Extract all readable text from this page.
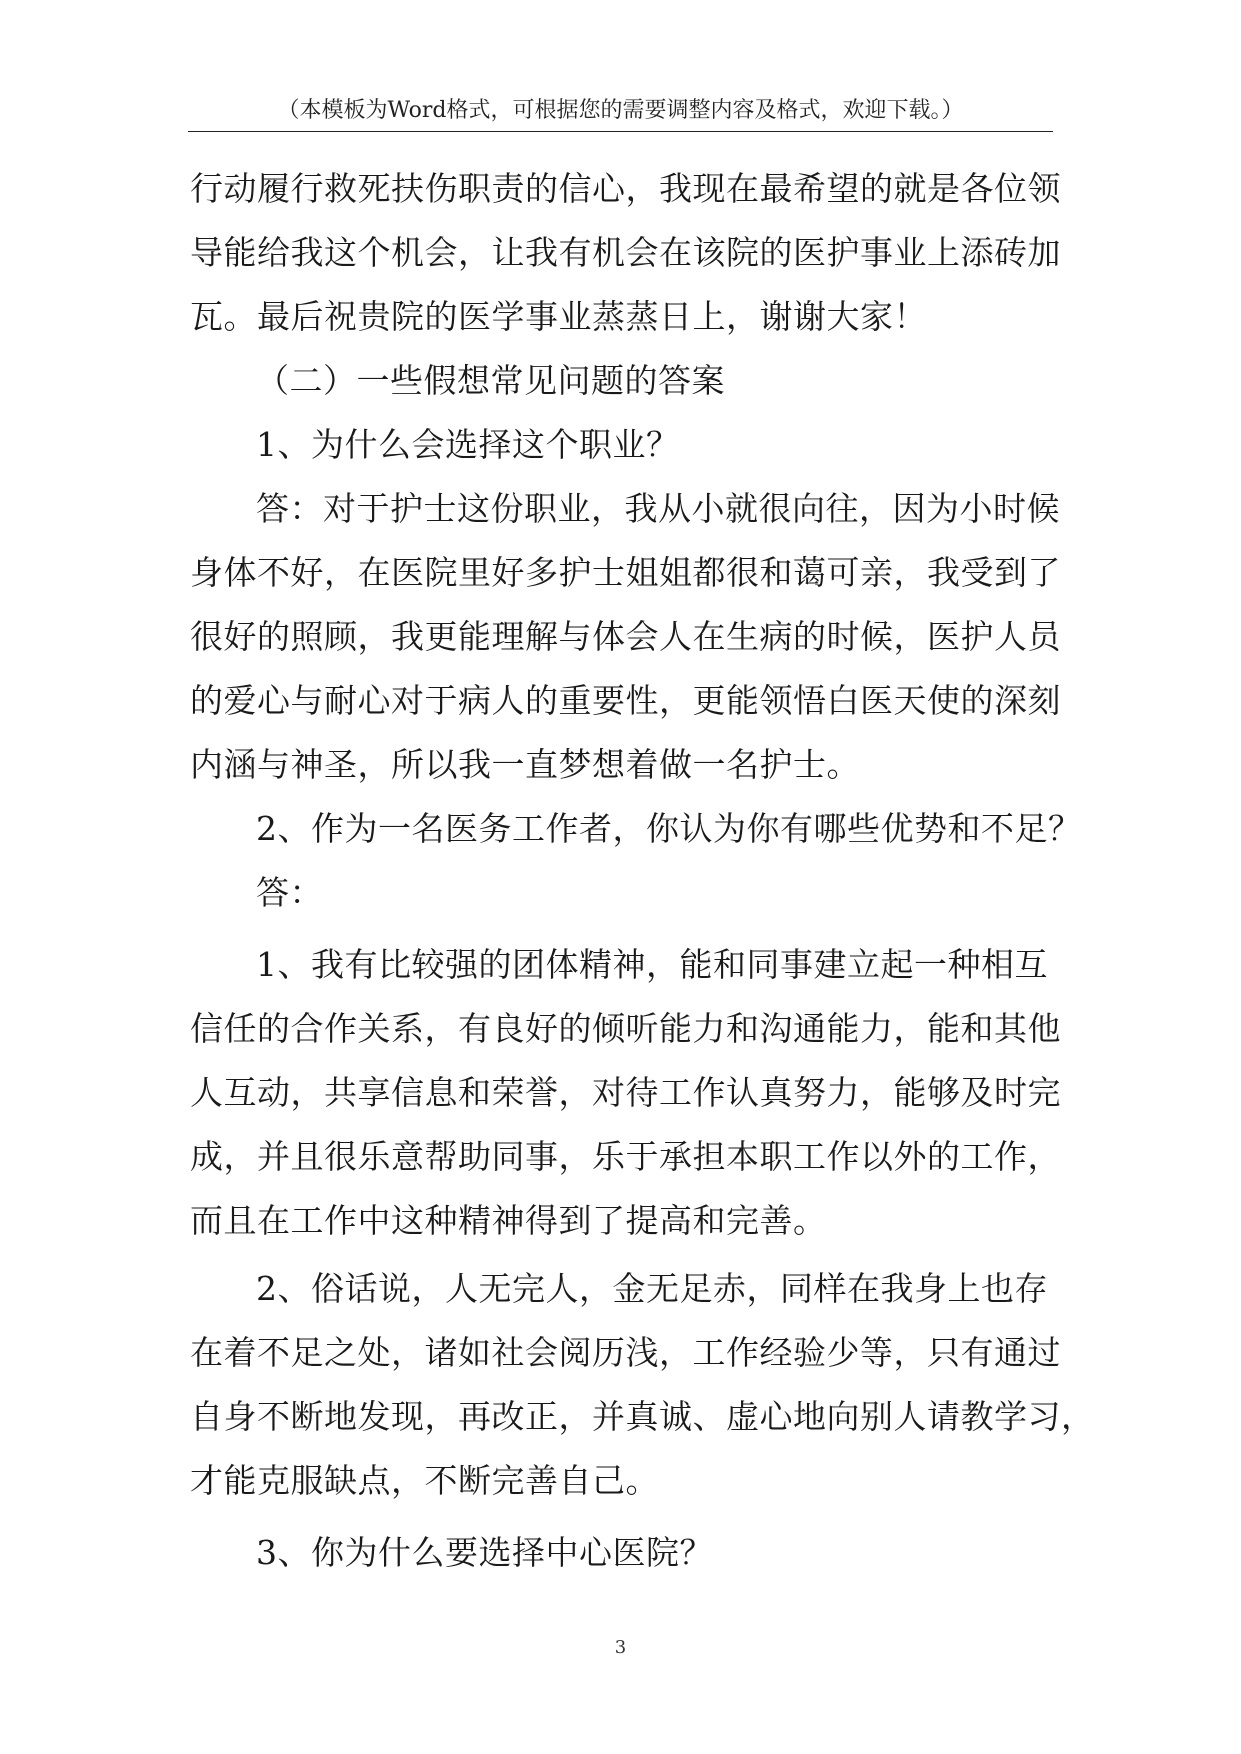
（本模板为Word格式，可根据您的需要调整内容及格式，欢迎下载。）
行动履行救死扶伤职责的信心，我现在最希望的就是各位领
导能给我这个机会，让我有机会在该院的医护事业上添砖加
瓦。最后祝贵院的医学事业蒸蒸日上，谢谢大家！
（二）一些假想常见问题的答案
1、为什么会选择这个职业？
答：对于护士这份职业，我从小就很向往，因为小时候
身体不好，在医院里好多护士姐姐都很和蔼可亲，我受到了
很好的照顾，我更能理解与体会人在生病的时候，医护人员
的爱心与耐心对于病人的重要性，更能领悟白医天使的深刻
内涵与神圣，所以我一直梦想着做一名护士。
2、作为一名医务工作者，你认为你有哪些优势和不足？
答：
1、我有比较强的团体精神，能和同事建立起一种相互
信任的合作关系，有良好的倾听能力和沟通能力，能和其他
人互动，共享信息和荣誉，对待工作认真努力，能够及时完
成，并且很乐意帮助同事，乐于承担本职工作以外的工作，
而且在工作中这种精神得到了提高和完善。
2、俗话说，人无完人，金无足赤，同样在我身上也存
在着不足之处，诸如社会阅历浅，工作经验少等，只有通过
自身不断地发现，再改正，并真诚、虚心地向别人请教学习，
才能克服缺点，不断完善自己。
3、你为什么要选择中心医院？
3
